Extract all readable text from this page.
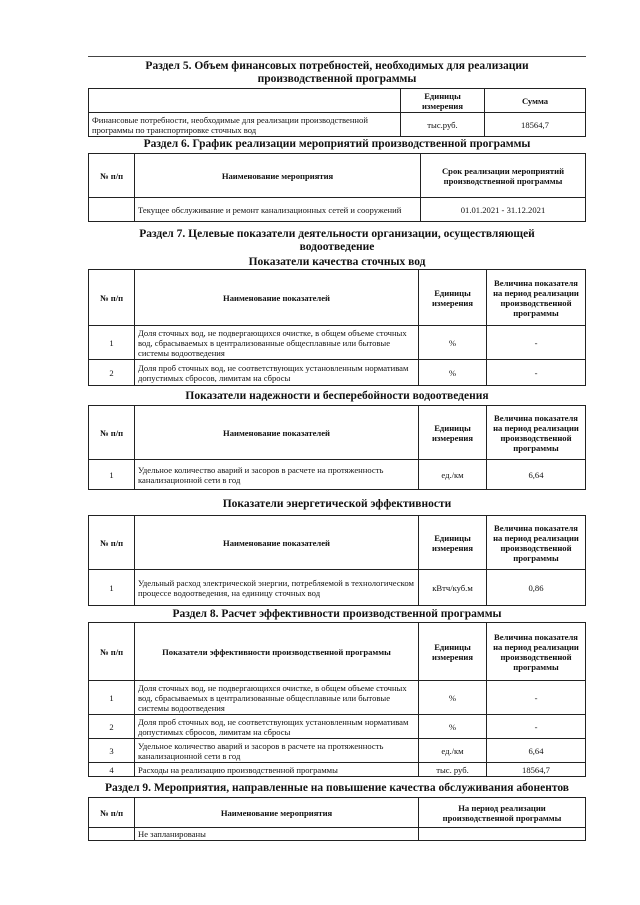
Раздел 5. Объем финансовых потребностей, необходимых для реализации производственной программы

	Единицы измерения	Сумма
Финансовые потребности, необходимые для реализации производственной программы по транспортировке сточных вод	тыс.руб.	18564,7

Раздел 6. График реализации мероприятий производственной программы

№ п/п	Наименование мероприятия	Срок реализации мероприятий производственной программы
	Текущее обслуживание и ремонт канализационных сетей и сооружений	01.01.2021 - 31.12.2021

Раздел 7. Целевые показатели деятельности организации, осуществляющей водоотведение

Показатели качества сточных вод

№ п/п	Наименование показателей	Единицы измерения	Величина показателя на период реализации производственной программы
1	Доля сточных вод, не подвергающихся очистке, в общем объеме сточных вод, сбрасываемых в централизованные общесплавные или бытовые системы водоотведения	%	-
2	Доля проб сточных вод, не соответствующих установленным нормативам допустимых сбросов, лимитам на сбросы	%	-

Показатели надежности и бесперебойности водоотведения

№ п/п	Наименование показателей	Единицы измерения	Величина показателя на период реализации производственной программы
1	Удельное количество аварий и засоров в расчете на протяженность канализационной сети в год	ед./км	6,64

Показатели энергетической эффективности

№ п/п	Наименование показателей	Единицы измерения	Величина показателя на период реализации производственной программы
1	Удельный расход электрической энергии, потребляемой в технологическом процессе водоотведения, на единицу сточных вод	кВтч/куб.м	0,86

Раздел 8. Расчет эффективности производственной программы

№ п/п	Показатели эффективности производственной программы	Единицы измерения	Величина показателя на период реализации производственной программы
1	Доля сточных вод, не подвергающихся очистке, в общем объеме сточных вод, сбрасываемых в централизованные общесплавные или бытовые системы водоотведения	%	-
2	Доля проб сточных вод, не соответствующих установленным нормативам допустимых сбросов, лимитам на сбросы	%	-
3	Удельное количество аварий и засоров в расчете на протяженность канализационной сети в год	ед./км	6,64
4	Расходы на реализацию производственной программы	тыс. руб.	18564,7

Раздел 9. Мероприятия, направленные на повышение качества обслуживания абонентов

№ п/п	Наименование мероприятия	На период реализации производственной программы
	Не запланированы	
